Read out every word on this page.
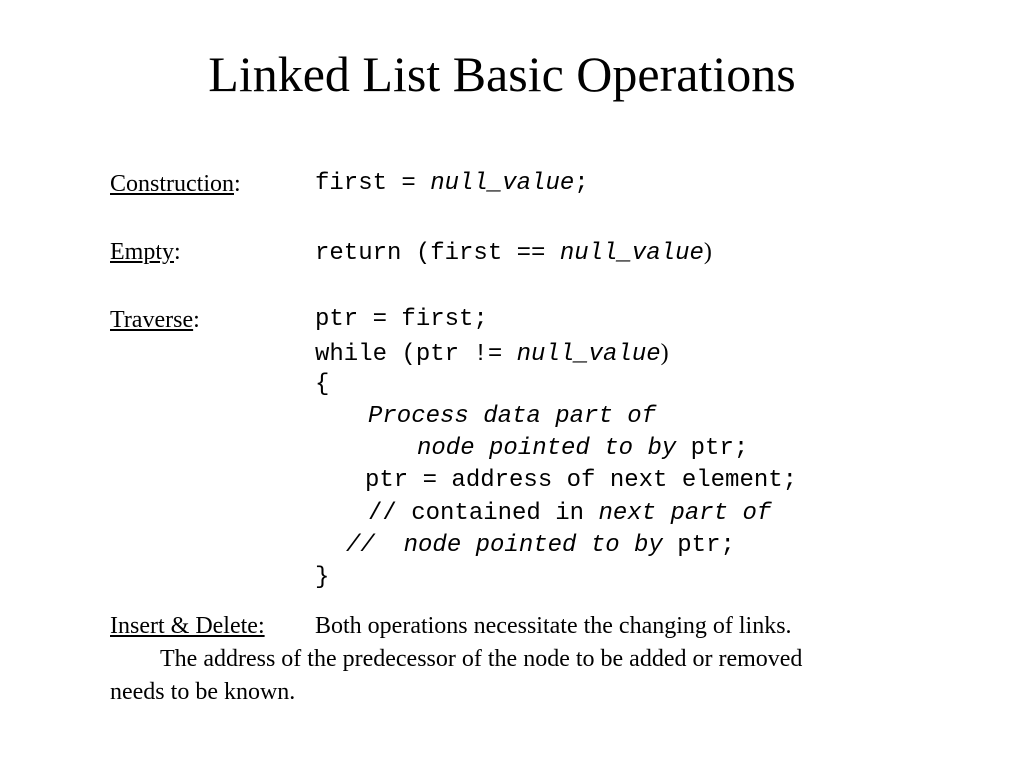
Linked List Basic Operations
Construction:	first = null_value;
Empty:	return (first == null_value)
Traverse:	ptr = first;
while (ptr != null_value)
{
Process data part of
node pointed to by ptr;
ptr = address of next element;
// contained in next part of
//  node pointed to by ptr;
}
Insert & Delete: Both operations necessitate the changing of links.
The address of the predecessor of the node to be added or removed
needs to be known.
